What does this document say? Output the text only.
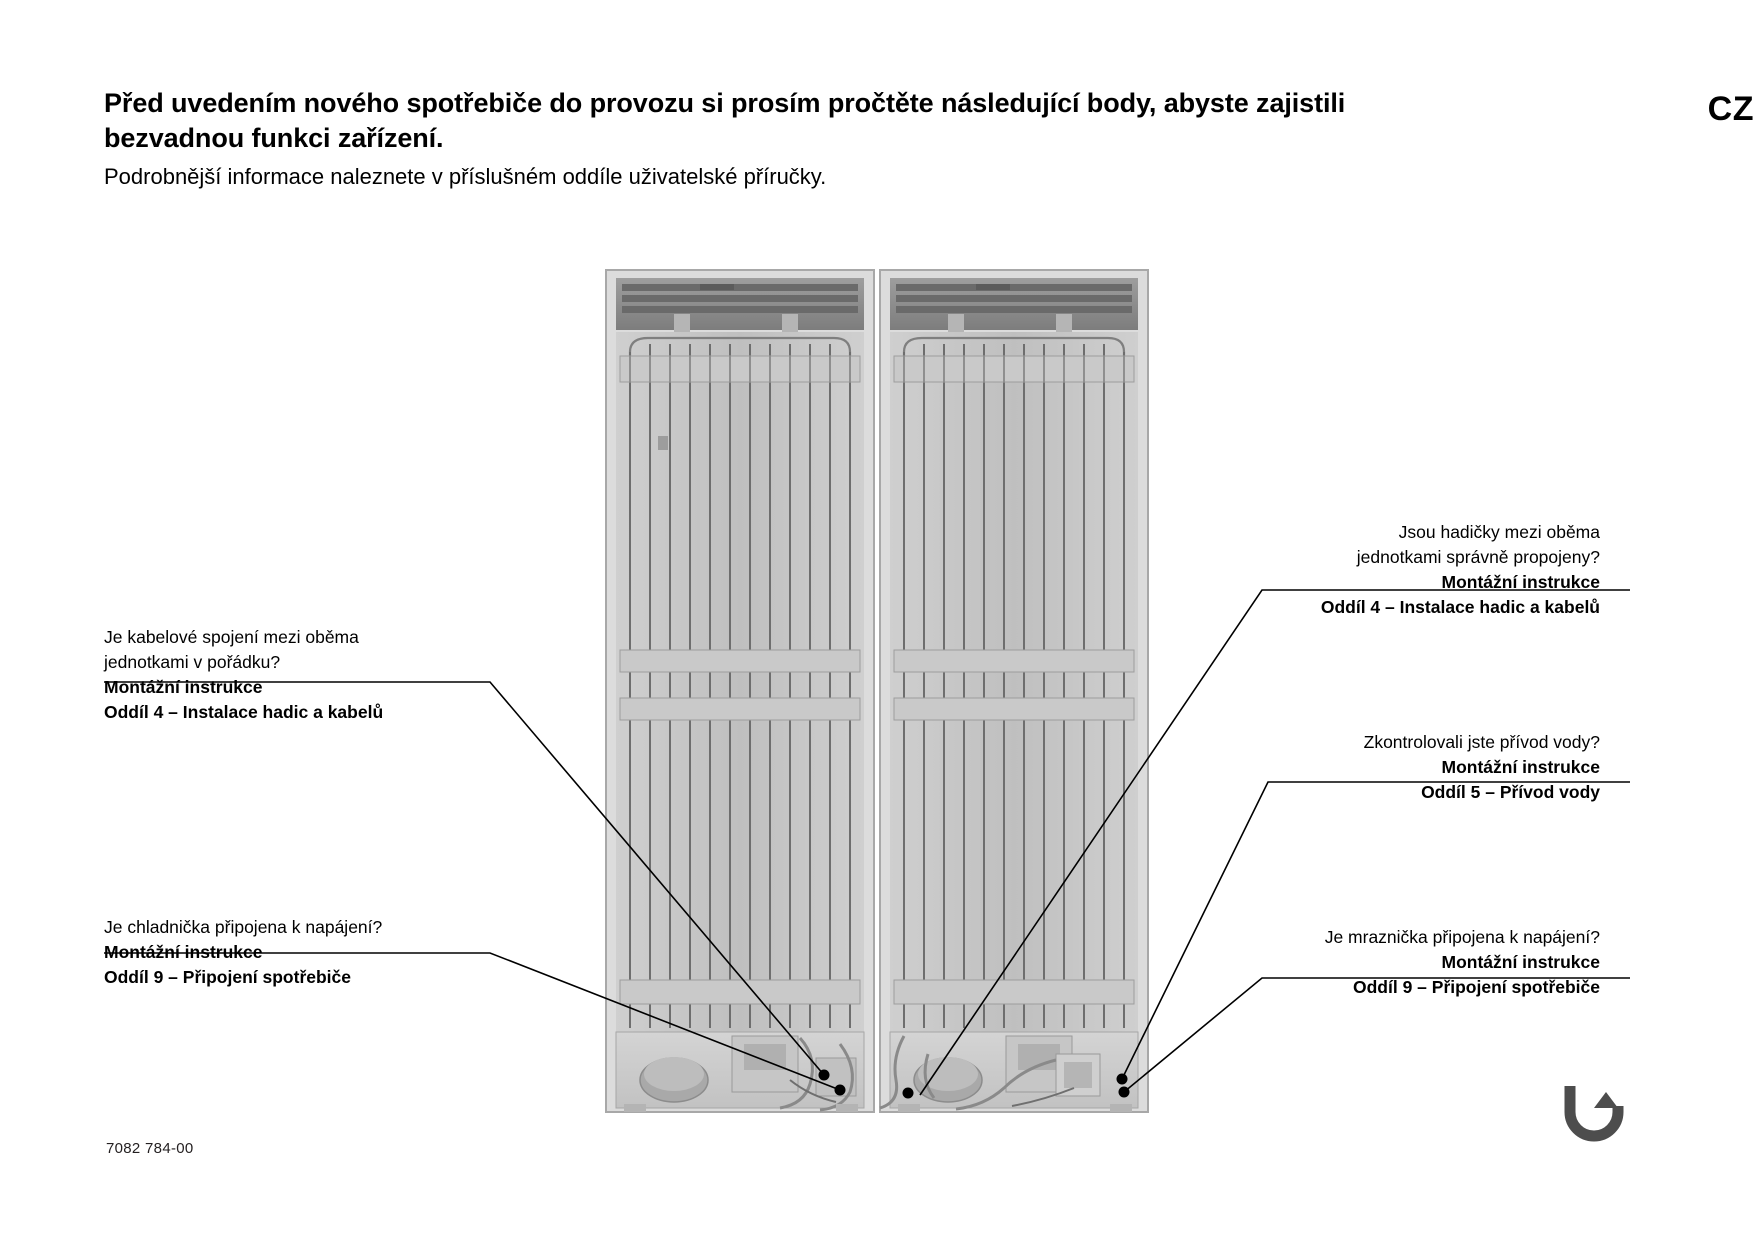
Před uvedením nového spotřebiče do provozu si prosím pročtěte následující body, abyste zajistili bezvadnou funkci zařízení.

Podrobnější informace naleznete v příslušném oddíle uživatelské příručky.

CZ
Je kabelové spojení mezi oběma
jednotkami v pořádku?
Montážní instrukce
Oddíl 4 – Instalace hadic a kabelů
Je chladnička připojena k napájení?
Montážní instrukce
Oddíl 9 – Připojení spotřebiče
Jsou hadičky mezi oběma
jednotkami správně propojeny?
Montážní instrukce
Oddíl 4 – Instalace hadic a kabelů
Zkontrolovali jste přívod vody?
Montážní instrukce
Oddíl 5 – Přívod vody
Je mraznička připojena k napájení?
Montážní instrukce
Oddíl 9 – Připojení spotřebiče
7082 784-00
